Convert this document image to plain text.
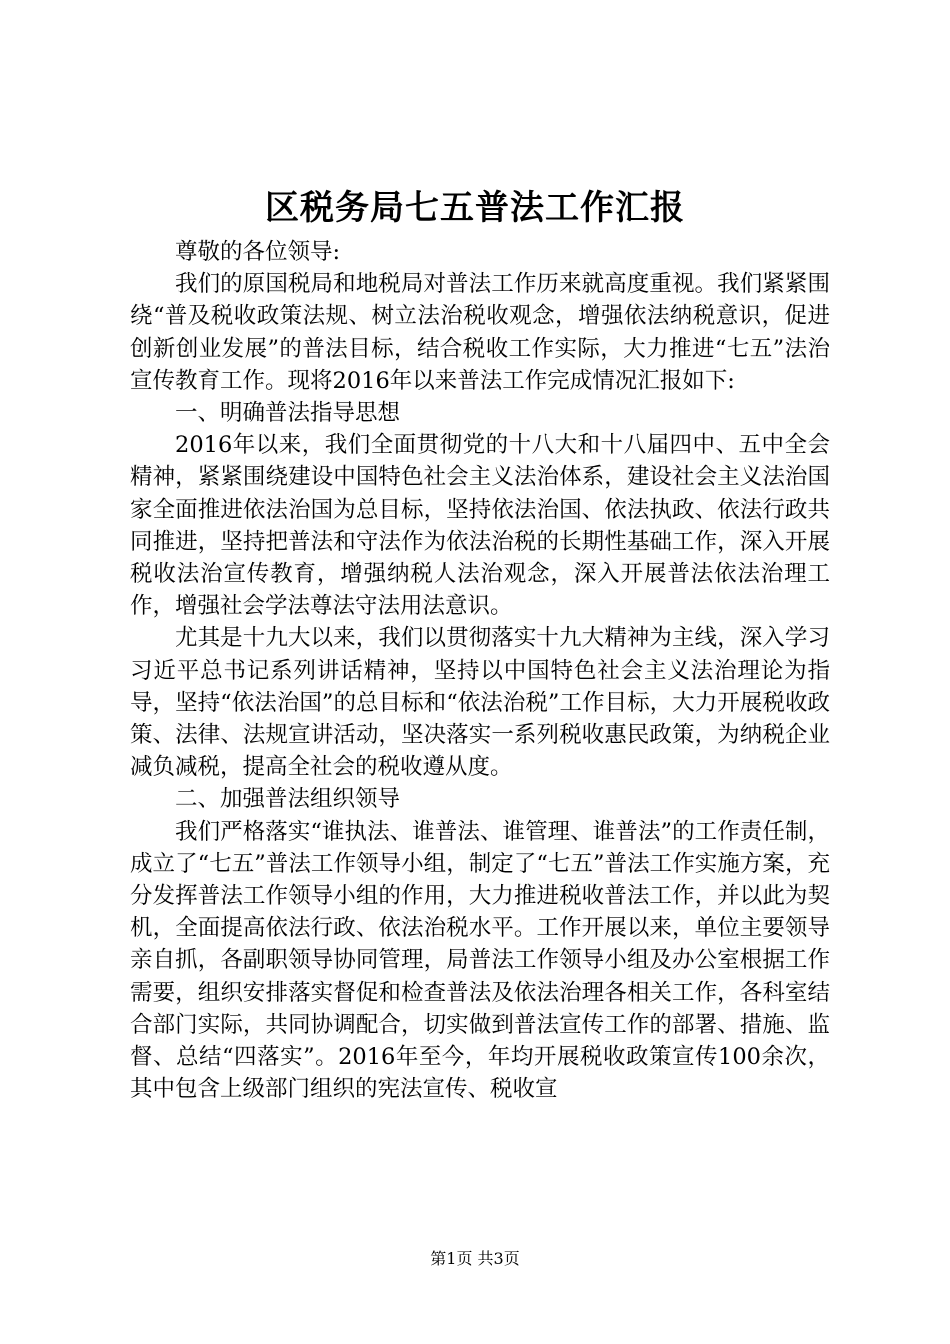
区税务局七五普法工作汇报

尊敬的各位领导:

我们的原国税局和地税局对普法工作历来就高度重视。我们紧紧围绕“普及税收政策法规、树立法治税收观念，增强依法纳税意识，促进创新创业发展”的普法目标，结合税收工作实际，大力推进“七五”法治宣传教育工作。现将2016年以来普法工作完成情况汇报如下:

一、明确普法指导思想

2016年以来，我们全面贯彻党的十八大和十八届四中、五中全会精神，紧紧围绕建设中国特色社会主义法治体系，建设社会主义法治国家全面推进依法治国为总目标，坚持依法治国、依法执政、依法行政共同推进，坚持把普法和守法作为依法治税的长期性基础工作，深入开展税收法治宣传教育，增强纳税人法治观念，深入开展普法依法治理工作，增强社会学法尊法守法用法意识。

尤其是十九大以来，我们以贯彻落实十九大精神为主线，深入学习习近平总书记系列讲话精神，坚持以中国特色社会主义法治理论为指导，坚持“依法治国”的总目标和“依法治税”工作目标，大力开展税收政策、法律、法规宣讲活动，坚决落实一系列税收惠民政策，为纳税企业减负减税，提高全社会的税收遵从度。

二、加强普法组织领导

我们严格落实“谁执法、谁普法、谁管理、谁普法”的工作责任制，成立了“七五”普法工作领导小组，制定了“七五”普法工作实施方案，充分发挥普法工作领导小组的作用，大力推进税收普法工作，并以此为契机，全面提高依法行政、依法治税水平。工作开展以来，单位主要领导亲自抓，各副职领导协同管理，局普法工作领导小组及办公室根据工作需要，组织安排落实督促和检查普法及依法治理各相关工作，各科室结合部门实际，共同协调配合，切实做到普法宣传工作的部署、措施、监督、总结“四落实”。2016年至今，年均开展税收政策宣传100余次，其中包含上级部门组织的宪法宣传、税收宣

第1页 共3页
